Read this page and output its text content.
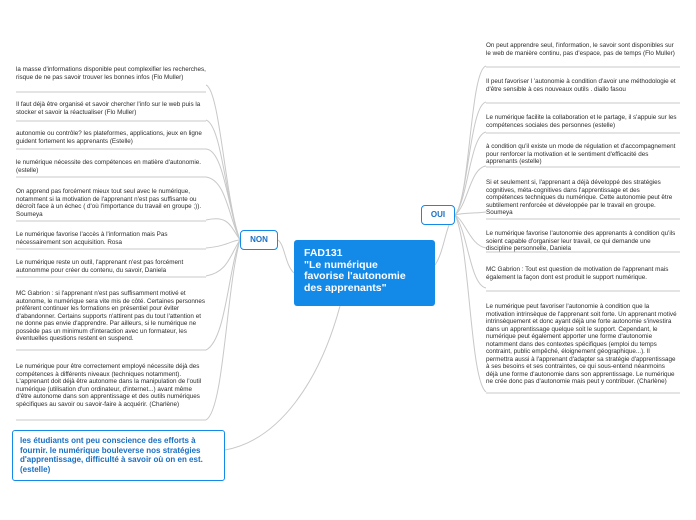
FAD131
"Le numérique
favorise l'autonomie
des apprenants"
NON
OUI
la masse d'informations disponible peut complexifier les recherches, risque de ne pas savoir trouver les bonnes infos (Flo Muller)
Il faut déjà être organisé et savoir chercher l'info sur le web puis la stocker et savoir la réactualiser (Flo Muller)
autonomie ou contrôle? les plateformes, applications, jeux en ligne guident fortement les apprenants (Estelle)
le numérique nécessite des compétences en matière d'autonomie. (estelle)
On apprend pas forcément mieux tout seul avec le numérique, notamment si la motivation de l'apprenant n'est pas suffisante ou décroît face à un échec ( d'où l'importance du travail en groupe ;)). Soumeya
Le numérique favorise l'accès à l'information mais Pas nécessairement son acquisition. Rosa
Le numérique reste un outil, l'apprenant n'est pas forcément autonomme pour créer du contenu, du savoir, Daniela
MC Gabrion : si l'apprenant n'est pas suffisamment motivé et autonome, le numérique sera vite mis de côté. Certaines personnes préfèrent continuer les formations en présentiel pour éviter d'abandonner. Certains supports n'attirent pas du tout l'attention et ne donne pas envie d'apprendre. Par ailleurs, si le numérique ne possède pas un minimum d'interaction avec un formateur, les éventuelles questions restent en suspend.
Le numérique pour être correctement employé nécessite déjà des compétences à différents niveaux (techniques notamment). L'apprenant doit déjà être autonome dans la manipulation de l'outil numérique (utilisation d'un ordinateur, d'internet...) avant même d'être autonome dans son apprentissage et des outils numériques spécifiques au savoir ou savoir-faire à acquérir. (Charlène)
On peut apprendre seul, l'information, le savoir sont disponibles sur le web de manière continu, pas d'espace, pas de temps (Flo Muller)
Il peut favoriser l 'autonomie à condition d'avoir une méthodologie et d'être sensible à ces nouveaux outils . diallo fasou
Le numérique facilite la collaboration et le partage, il s'appuie sur les compétences sociales des personnes (estelle)
à condition qu'il existe un mode de régulation et d'accompagnement pour renforcer la motivation et le sentiment d'efficacité des apprenants (estelle)
Si et seulement si, l'apprenant a déjà développé des stratégies cognitives, méta-cognitives dans l'apprentissage et des compétences techniques du numérique. Cette autonomie peut être subtilement renforcée et développée par le travail en groupe. Soumeya
Le numérique favorise l'autonomie des apprenants à condition qu'ils soient capable d'organiser leur travail, ce qui demande une discipline personnelle, Daniela
MC Gabrion : Tout est question de motivation de l'apprenant mais également la façon dont est produit le support numérique.
Le numérique peut favoriser l'autonomie à condition que la motivation intrinsèque de l'apprenant soit forte. Un apprenant motivé intrinsèquement et donc ayant déjà une forte autonomie s'investira dans un apprentissage quelque soit le support. Cependant, le numérique peut également apporter une forme d'autonomie notamment dans des contextes spécifiques (emploi du temps contraint, public empêché, éloignement géographique...). Il permettra aussi à l'apprenant d'adapter sa stratégie d'apprentissage à ses besoins et ses contraintes, ce qui sous-entend néanmoins déjà une forme d'autonomie dans son apprentissage. Le numérique ne crée donc pas d'autonomie mais peut y contribuer. (Charlène)
les étudiants ont peu conscience des efforts à fournir. le numérique bouleverse nos stratégies d'apprentissage, difficulté à savoir où on en est. (estelle)
